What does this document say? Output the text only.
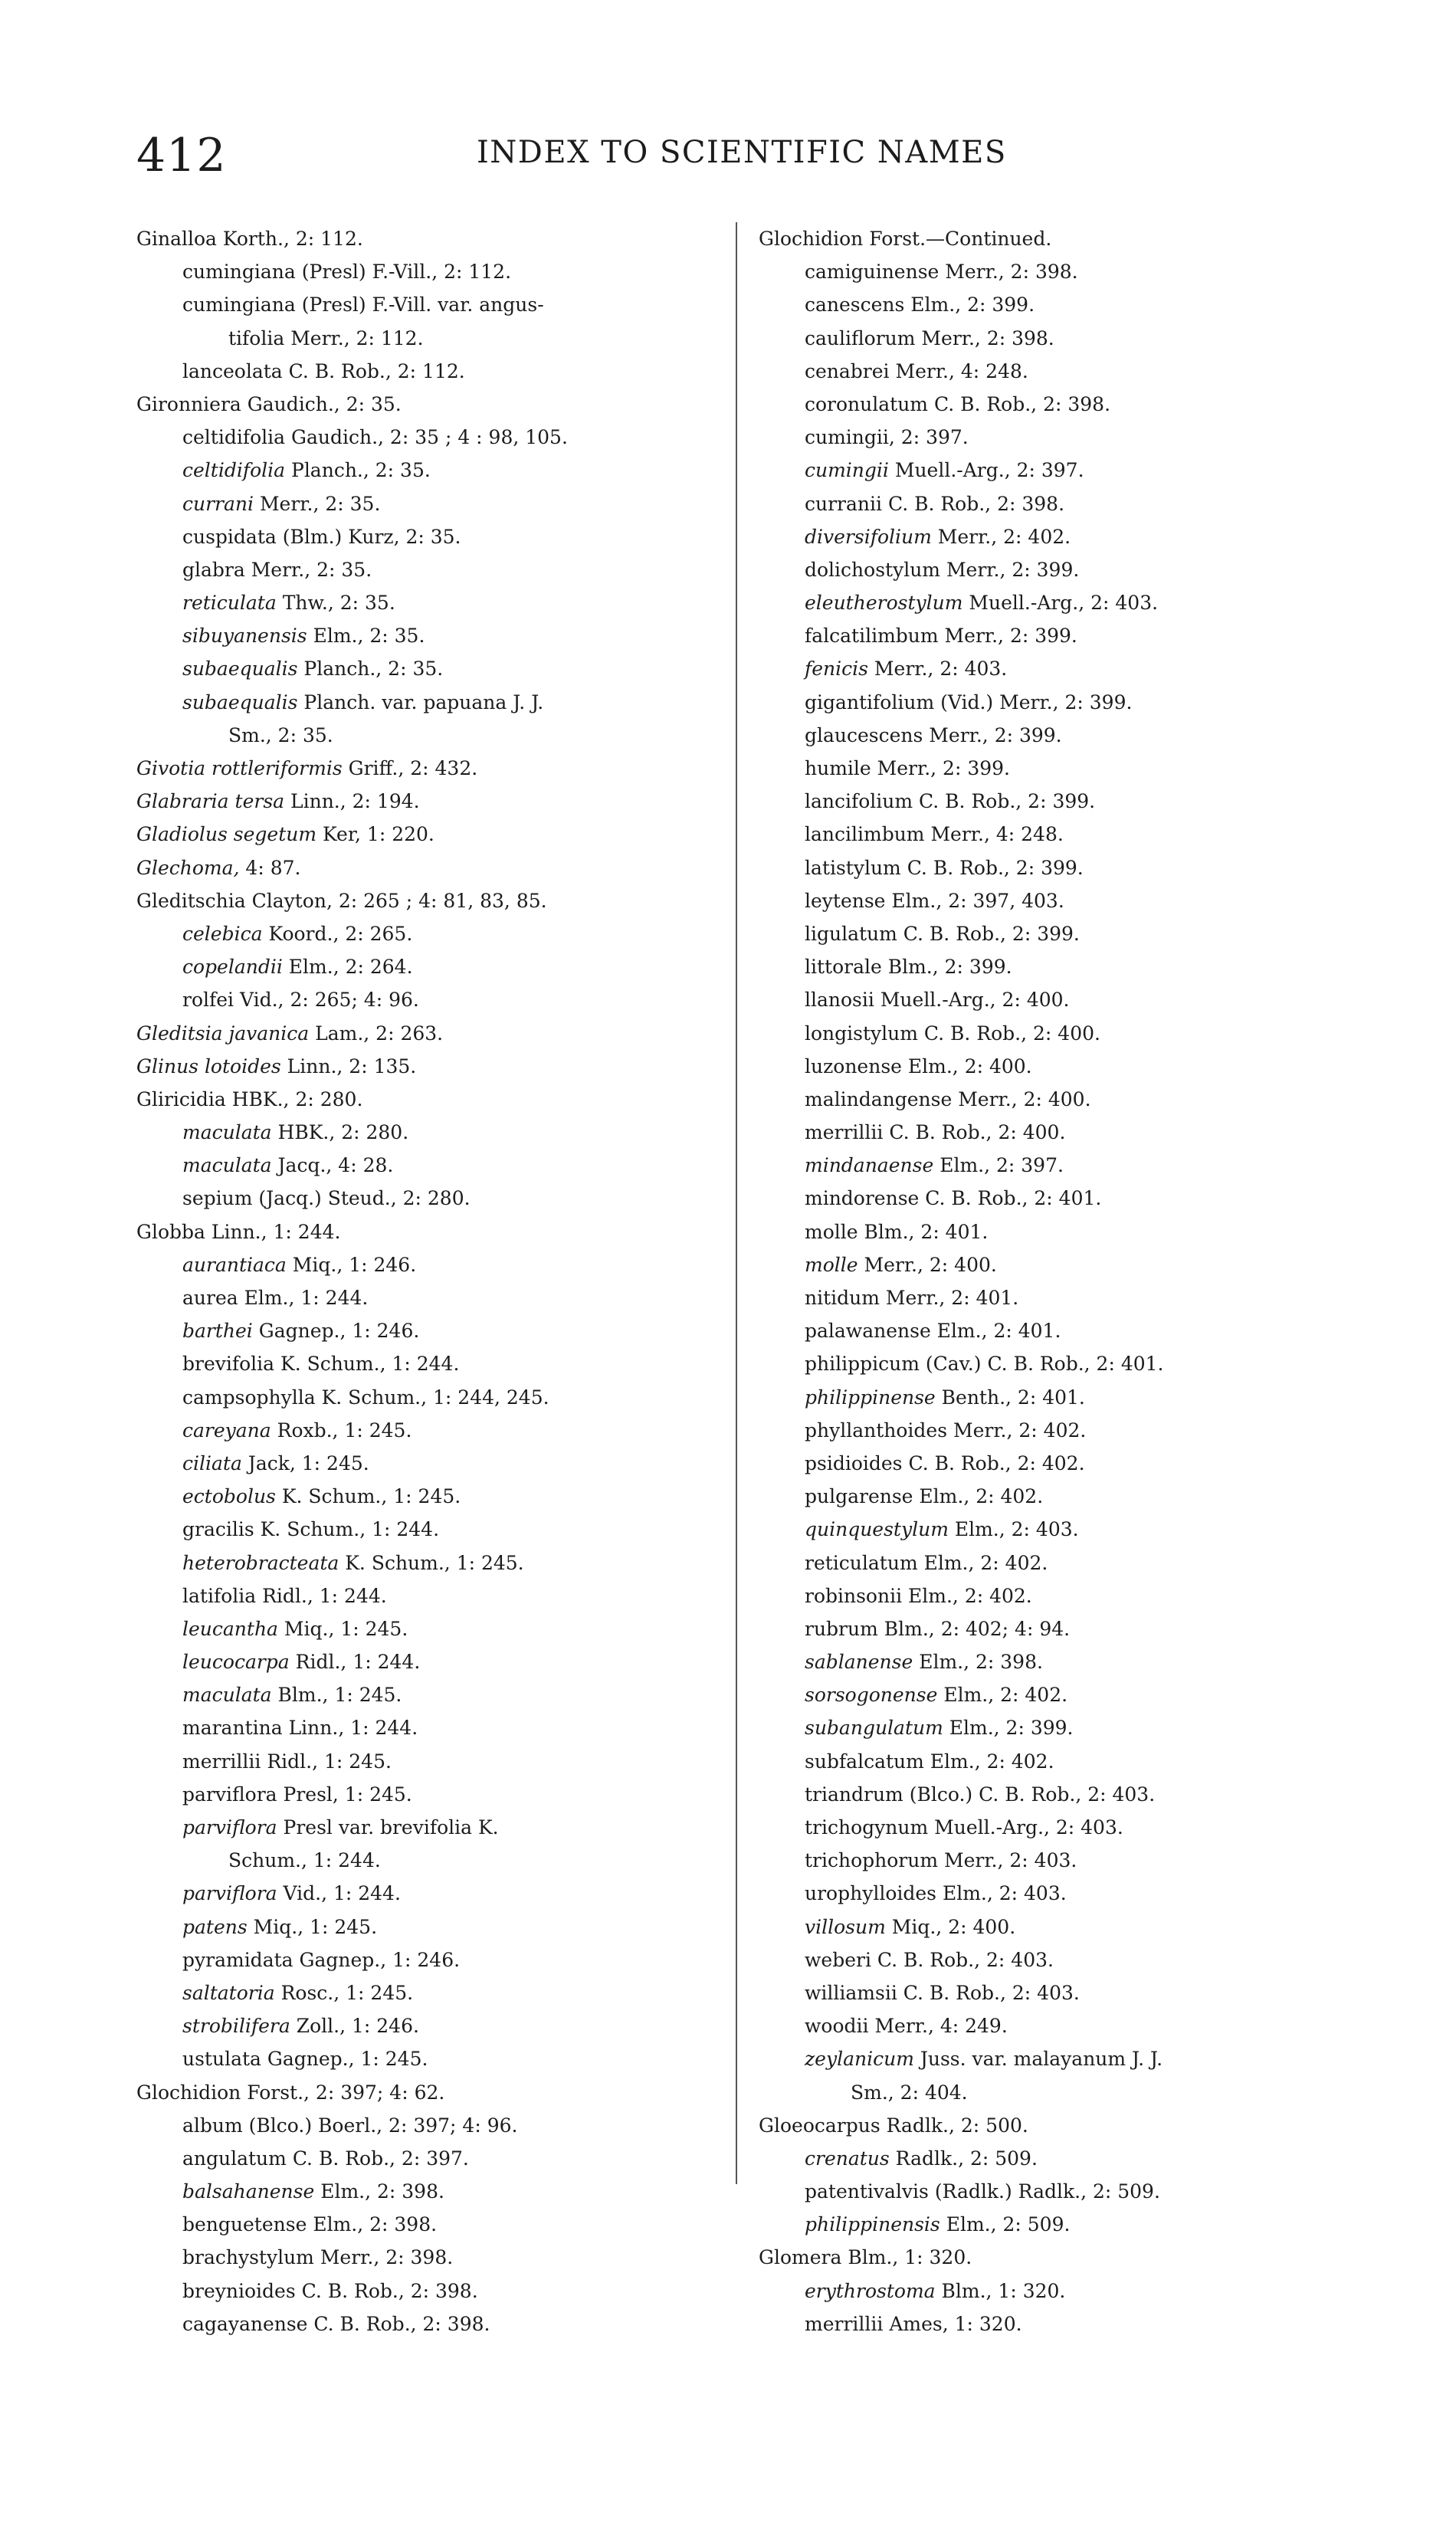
412	INDEX TO SCIENTIFIC NAMES
Ginalloa Korth., 2: 112.
cumingiana (Presl) F.-Vill., 2: 112.
cumingiana (Presl) F.-Vill. var. angus-
tifolia Merr., 2: 112.
lanceolata C. B. Rob., 2: 112.
Gironniera Gaudich., 2: 35.
celtidifolia Gaudich., 2: 35 ; 4 : 98, 105.
celtidifolia Planch., 2: 35.
currani Merr., 2: 35.
cuspidata (Blm.) Kurz, 2: 35.
glabra Merr., 2: 35.
reticulata Thw., 2: 35.
sibuyanensis Elm., 2: 35.
subaequalis Planch., 2: 35.
subaequalis Planch. var. papuana J. J.
Sm., 2: 35.
Givotia rottleriformis Griff., 2: 432.
Glabraria tersa Linn., 2: 194.
Gladiolus segetum Ker, 1: 220.
Glechoma, 4: 87.
Gleditschia Clayton, 2: 265 ; 4: 81, 83, 85.
celebica Koord., 2: 265.
copelandii Elm., 2: 264.
rolfei Vid., 2: 265; 4: 96.
Gleditsia javanica Lam., 2: 263.
Glinus lotoides Linn., 2: 135.
Gliricidia HBK., 2: 280.
maculata HBK., 2: 280.
maculata Jacq., 4: 28.
sepium (Jacq.) Steud., 2: 280.
Globba Linn., 1: 244.
aurantiaca Miq., 1: 246.
aurea Elm., 1: 244.
barthei Gagnep., 1: 246.
brevifolia K. Schum., 1: 244.
campsophylla K. Schum., 1: 244, 245.
careyana Roxb., 1: 245.
ciliata Jack, 1: 245.
ectobolus K. Schum., 1: 245.
gracilis K. Schum., 1: 244.
heterobracteata K. Schum., 1: 245.
latifolia Ridl., 1: 244.
leucantha Miq., 1: 245.
leucocarpa Ridl., 1: 244.
maculata Blm., 1: 245.
marantina Linn., 1: 244.
merrillii Ridl., 1: 245.
parviflora Presl, 1: 245.
parviflora Presl var. brevifolia K.
Schum., 1: 244.
parviflora Vid., 1: 244.
patens Miq., 1: 245.
pyramidata Gagnep., 1: 246.
saltatoria Rosc., 1: 245.
strobilifera Zoll., 1: 246.
ustulata Gagnep., 1: 245.
Glochidion Forst., 2: 397; 4: 62.
album (Blco.) Boerl., 2: 397; 4: 96.
angulatum C. B. Rob., 2: 397.
balsahanense Elm., 2: 398.
benguetense Elm., 2: 398.
brachystylum Merr., 2: 398.
breynioides C. B. Rob., 2: 398.
cagayanense C. B. Rob., 2: 398.
Glochidion Forst.—Continued.
camiguinense Merr., 2: 398.
canescens Elm., 2: 399.
cauliflorum Merr., 2: 398.
cenabrei Merr., 4: 248.
coronulatum C. B. Rob., 2: 398.
cumingii, 2: 397.
cumingii Muell.-Arg., 2: 397.
curranii C. B. Rob., 2: 398.
diversifolium Merr., 2: 402.
dolichostylum Merr., 2: 399.
eleutherostylum Muell.-Arg., 2: 403.
falcatilimbum Merr., 2: 399.
fenicis Merr., 2: 403.
gigantifolium (Vid.) Merr., 2: 399.
glaucescens Merr., 2: 399.
humile Merr., 2: 399.
lancifolium C. B. Rob., 2: 399.
lancilimbum Merr., 4: 248.
latistylum C. B. Rob., 2: 399.
leytense Elm., 2: 397, 403.
ligulatum C. B. Rob., 2: 399.
littorale Blm., 2: 399.
llanosii Muell.-Arg., 2: 400.
longistylum C. B. Rob., 2: 400.
luzonense Elm., 2: 400.
malindangense Merr., 2: 400.
merrillii C. B. Rob., 2: 400.
mindanaense Elm., 2: 397.
mindorense C. B. Rob., 2: 401.
molle Blm., 2: 401.
molle Merr., 2: 400.
nitidum Merr., 2: 401.
palawanense Elm., 2: 401.
philippicum (Cav.) C. B. Rob., 2: 401.
philippinense Benth., 2: 401.
phyllanthoides Merr., 2: 402.
psidioides C. B. Rob., 2: 402.
pulgarense Elm., 2: 402.
quinquestylum Elm., 2: 403.
reticulatum Elm., 2: 402.
robinsonii Elm., 2: 402.
rubrum Blm., 2: 402; 4: 94.
sablanense Elm., 2: 398.
sorsogonense Elm., 2: 402.
subangulatum Elm., 2: 399.
subfalcatum Elm., 2: 402.
triandrum (Blco.) C. B. Rob., 2: 403.
trichogynum Muell.-Arg., 2: 403.
trichophorum Merr., 2: 403.
urophylloides Elm., 2: 403.
villosum Miq., 2: 400.
weberi C. B. Rob., 2: 403.
williamsii C. B. Rob., 2: 403.
woodii Merr., 4: 249.
zeylanicum Juss. var. malayanum J. J.
Sm., 2: 404.
Gloeocarpus Radlk., 2: 500.
crenatus Radlk., 2: 509.
patentivalvis (Radlk.) Radlk., 2: 509.
philippinensis Elm., 2: 509.
Glomera Blm., 1: 320.
erythrostoma Blm., 1: 320.
merrillii Ames, 1: 320.
